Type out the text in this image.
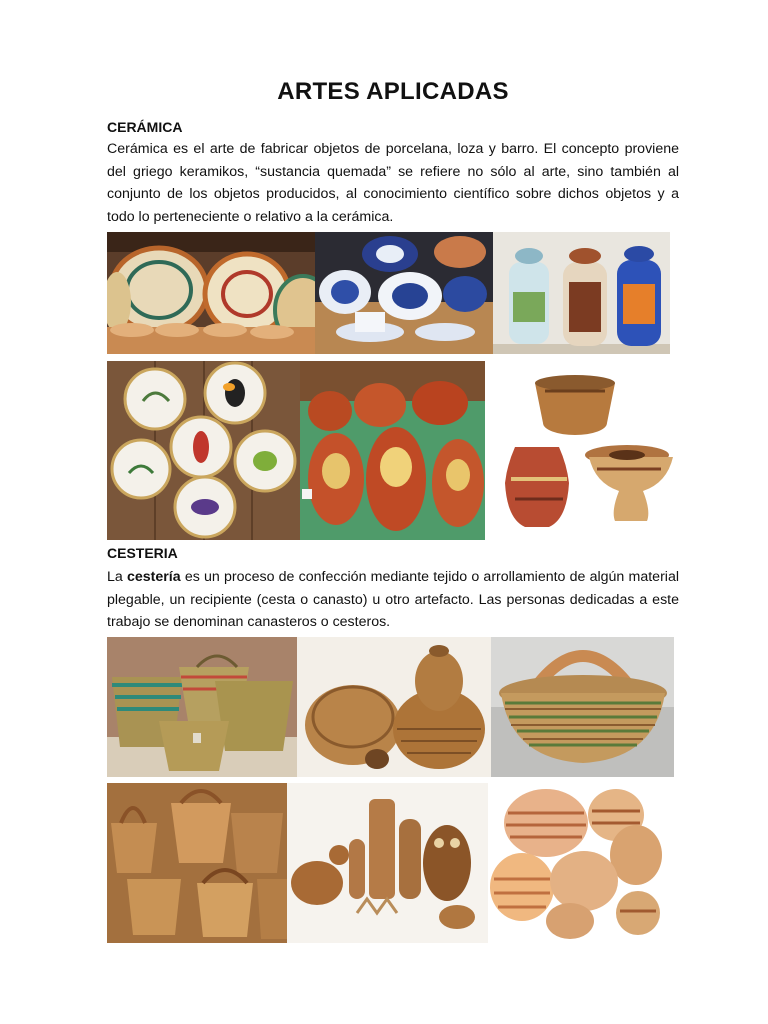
ARTES APLICADAS

CERÁMICA

Cerámica es el arte de fabricar objetos de porcelana, loza y barro. El concepto proviene del griego keramikos, “sustancia quemada” se refiere no sólo al arte, sino también al conjunto de los objetos producidos, al conocimiento científico sobre dichos objetos y a todo lo perteneciente o relativo a la cerámica.

CESTERIA

La cestería es un proceso de confección mediante tejido o arrollamiento de algún material plegable, un recipiente (cesta o canasto) u otro artefacto. Las personas dedicadas a este trabajo se denominan canasteros o cesteros.
